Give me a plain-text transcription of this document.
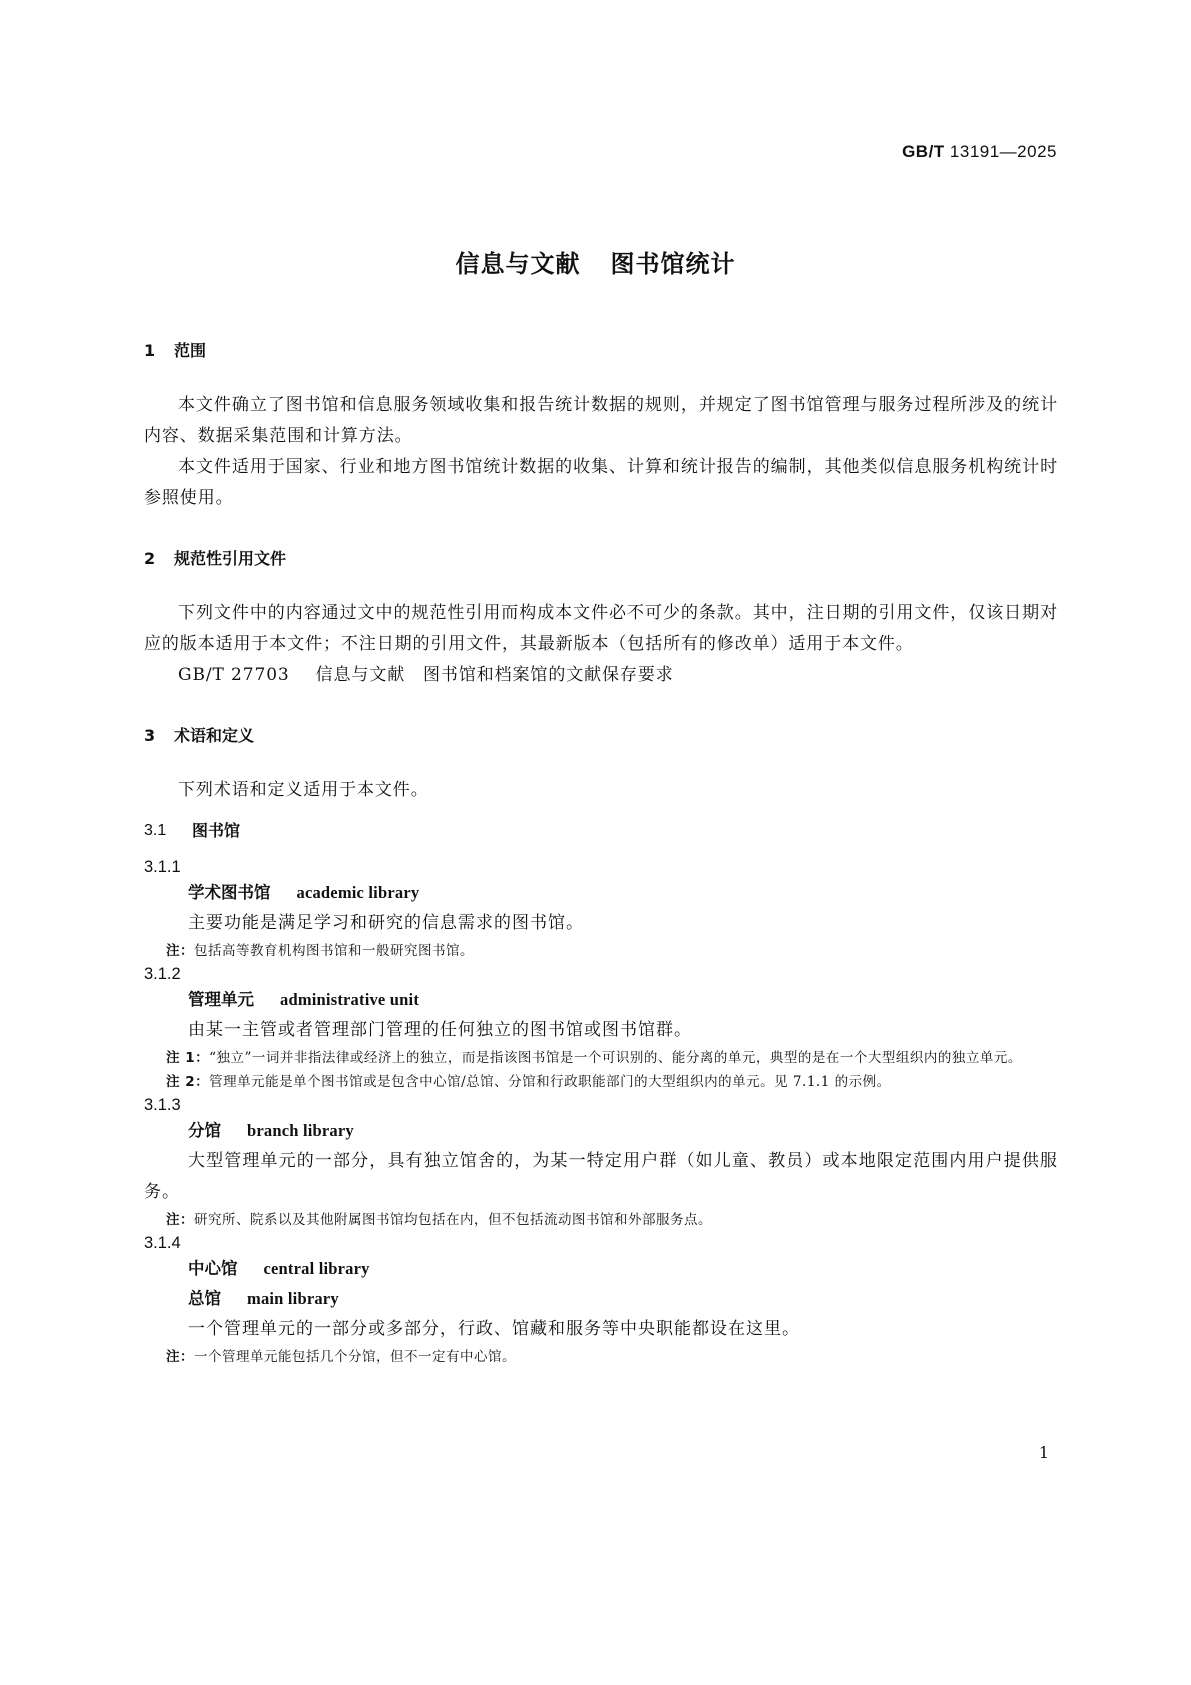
GB/T 13191—2025
信息与文献 图书馆统计
1	范围

本文件确立了图书馆和信息服务领域收集和报告统计数据的规则，并规定了图书馆管理与服务过程所涉及的统计内容、数据采集范围和计算方法。

本文件适用于国家、行业和地方图书馆统计数据的收集、计算和统计报告的编制，其他类似信息服务机构统计时参照使用。

2	规范性引用文件

下列文件中的内容通过文中的规范性引用而构成本文件必不可少的条款。其中，注日期的引用文件，仅该日期对应的版本适用于本文件；不注日期的引用文件，其最新版本（包括所有的修改单）适用于本文件。

GB/T 27703 信息与文献　图书馆和档案馆的文献保存要求
3	术语和定义

下列术语和定义适用于本文件。

3.1	图书馆
3.1.1
学术图书馆 academic library
主要功能是满足学习和研究的信息需求的图书馆。
注： 包括高等教育机构图书馆和一般研究图书馆。
3.1.2
管理单元 administrative unit
由某一主管或者管理部门管理的任何独立的图书馆或图书馆群。
注 1： “独立”一词并非指法律或经济上的独立，而是指该图书馆是一个可识别的、能分离的单元，典型的是在一个大型组织内的独立单元。
注 2： 管理单元能是单个图书馆或是包含中心馆/总馆、分馆和行政职能部门的大型组织内的单元。见 7.1.1 的示例。
3.1.3
分馆 branch library
大型管理单元的一部分，具有独立馆舍的，为某一特定用户群（如儿童、教员）或本地限定范围内用户提供服务。
注： 研究所、院系以及其他附属图书馆均包括在内，但不包括流动图书馆和外部服务点。
3.1.4
中心馆 central library
总馆 main library
一个管理单元的一部分或多部分，行政、馆藏和服务等中央职能都设在这里。
注： 一个管理单元能包括几个分馆，但不一定有中心馆。
1
